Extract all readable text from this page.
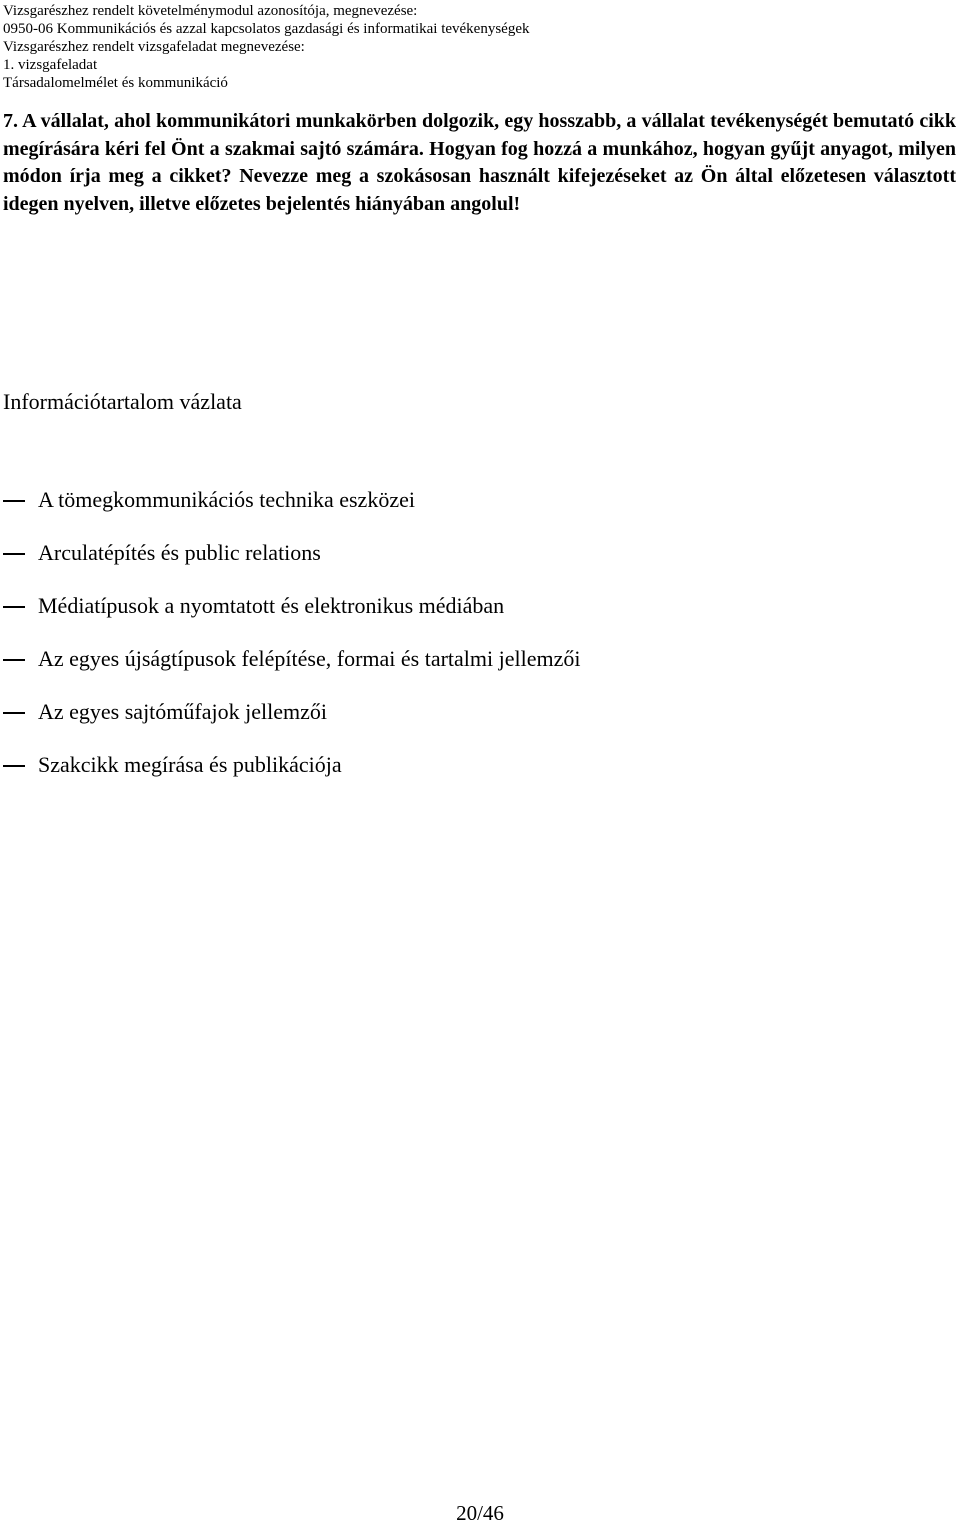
Vizsgarészhez rendelt követelménymodul azonosítója, megnevezése:
0950-06 Kommunikációs és azzal kapcsolatos gazdasági és informatikai tevékenységek
Vizsgarészhez rendelt vizsgafeladat megnevezése:
1. vizsgafeladat
Társadalomelmélet és kommunikáció

7. A vállalat, ahol kommunikátori munkakörben dolgozik, egy hosszabb, a vállalat tevékenységét bemutató cikk megírására kéri fel Önt a szakmai sajtó számára. Hogyan fog hozzá a munkához, hogyan gyűjt anyagot, milyen módon írja meg a cikket? Nevezze meg a szokásosan használt kifejezéseket az Ön által előzetesen választott idegen nyelven, illetve előzetes bejelentés hiányában angolul!

Információtartalom vázlata
A tömegkommunikációs technika eszközei
Arculatépítés és public relations
Médiatípusok a nyomtatott és elektronikus médiában
Az egyes újságtípusok felépítése, formai és tartalmi jellemzői
Az egyes sajtóműfajok jellemzői
Szakcikk megírása és publikációja
20/46
